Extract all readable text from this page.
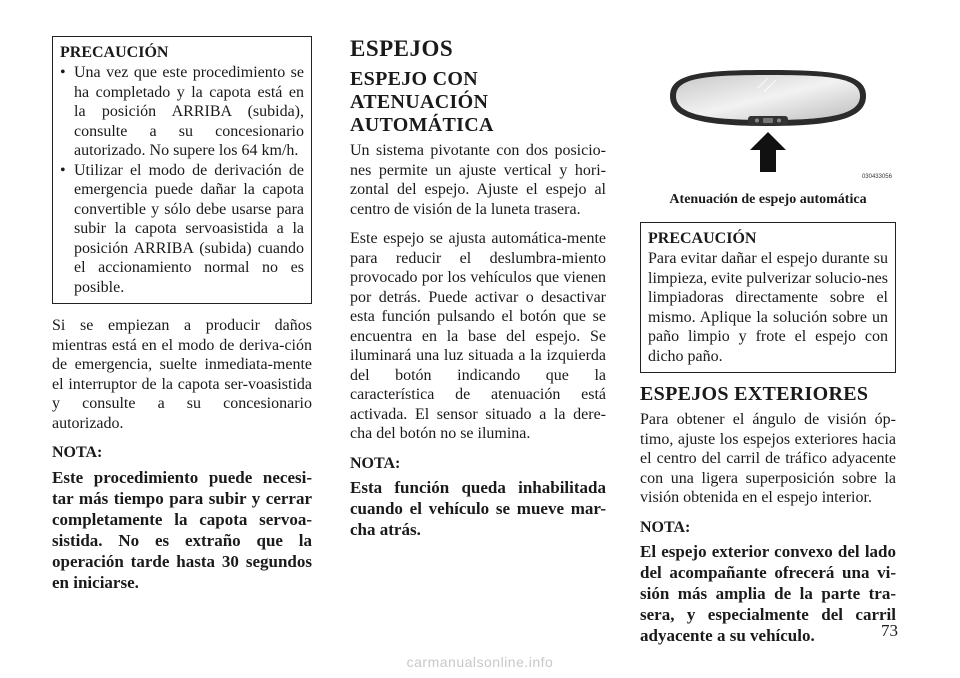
PRECAUCIÓN
• Una vez que este procedimiento se ha completado y la capota está en la posición ARRIBA (subida), consulte a su concesionario autorizado. No supere los 64 km/h.
• Utilizar el modo de derivación de emergencia puede dañar la capota convertible y sólo debe usarse para subir la capota servoasistida a la posición ARRIBA (subida) cuando el accionamiento normal no es posible.

Si se empiezan a producir daños mientras está en el modo de deriva-ción de emergencia, suelte inmediata-mente el interruptor de la capota ser-voasistida y consulte a su concesionario autorizado.

NOTA:

Este procedimiento puede necesi-tar más tiempo para subir y cerrar completamente la capota servoa-sistida. No es extraño que la operación tarde hasta 30 segundos en iniciarse.

ESPEJOS
ESPEJO CON ATENUACIÓN AUTOMÁTICA

Un sistema pivotante con dos posicio-nes permite un ajuste vertical y hori-zontal del espejo. Ajuste el espejo al centro de visión de la luneta trasera.

Este espejo se ajusta automática-mente para reducir el deslumbra-miento provocado por los vehículos que vienen por detrás. Puede activar o desactivar esta función pulsando el botón que se encuentra en la base del espejo. Se iluminará una luz situada a la izquierda del botón indicando que la característica de atenuación está activada. El sensor situado a la dere-cha del botón no se ilumina.

NOTA:

Esta función queda inhabilitada cuando el vehículo se mueve mar-cha atrás.

030433056
Atenuación de espejo automática
PRECAUCIÓN

Para evitar dañar el espejo durante su limpieza, evite pulverizar solucio-nes limpiadoras directamente sobre el mismo. Aplique la solución sobre un paño limpio y frote el espejo con dicho paño.

ESPEJOS EXTERIORES

Para obtener el ángulo de visión óp-timo, ajuste los espejos exteriores hacia el centro del carril de tráfico adyacente con una ligera superposición sobre la visión obtenida en el espejo interior.

NOTA:

El espejo exterior convexo del lado del acompañante ofrecerá una vi-sión más amplia de la parte tra-sera, y especialmente del carril adyacente a su vehículo.	73
carmanualsonline.info
